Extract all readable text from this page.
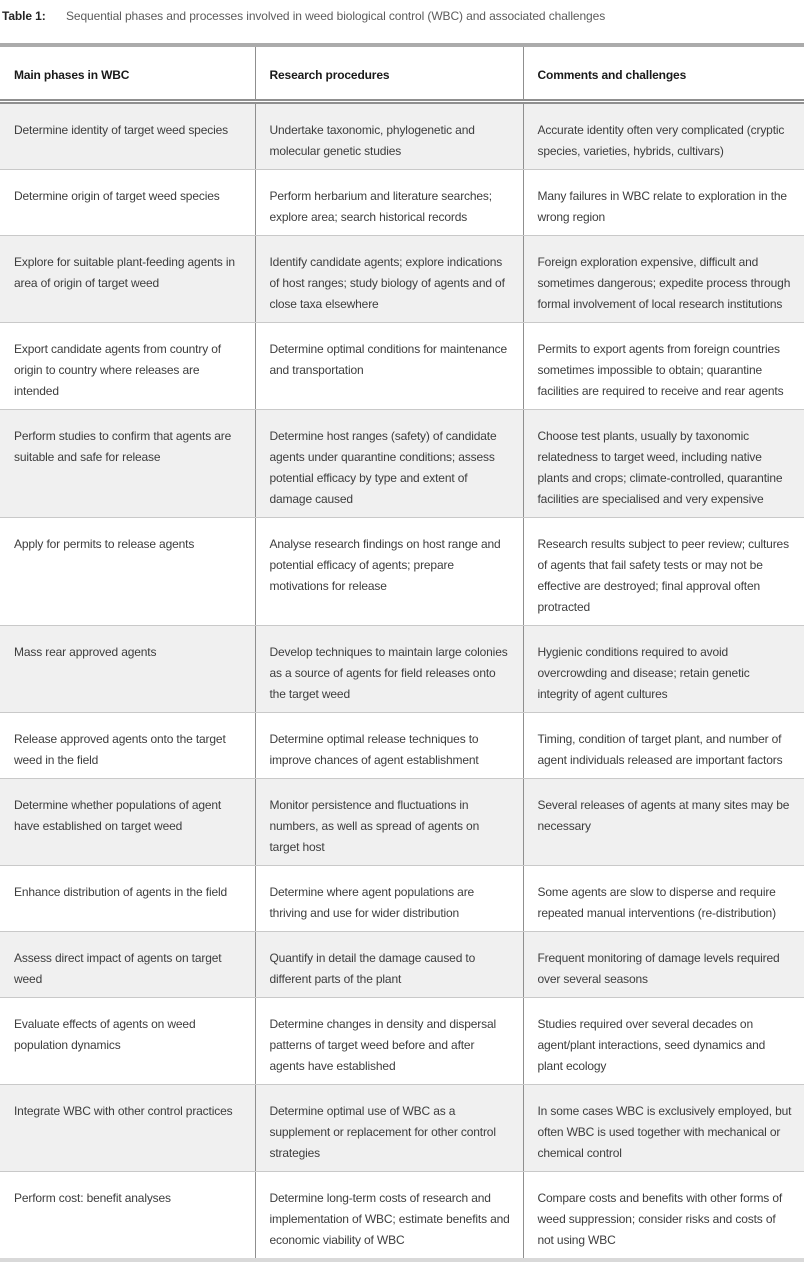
Table 1:	Sequential phases and processes involved in weed biological control (WBC) and associated challenges
Main phases in WBC	Research procedures	Comments and challenges
Determine identity of target weed species	Undertake taxonomic, phylogenetic and molecular genetic studies	Accurate identity often very complicated (cryptic species, varieties, hybrids, cultivars)
Determine origin of target weed species	Perform herbarium and literature searches; explore area; search historical records	Many failures in WBC relate to exploration in the wrong region
Explore for suitable plant-feeding agents in area of origin of target weed	Identify candidate agents; explore indications of host ranges; study biology of agents and of close taxa elsewhere	Foreign exploration expensive, difficult and sometimes dangerous; expedite process through formal involvement of local research institutions
Export candidate agents from country of origin to country where releases are intended	Determine optimal conditions for maintenance and transportation	Permits to export agents from foreign countries sometimes impossible to obtain; quarantine facilities are required to receive and rear agents
Perform studies to confirm that agents are suitable and safe for release	Determine host ranges (safety) of candidate agents under quarantine conditions; assess potential efficacy by type and extent of damage caused	Choose test plants, usually by taxonomic relatedness to target weed, including native plants and crops; climate-controlled, quarantine facilities are specialised and very expensive
Apply for permits to release agents	Analyse research findings on host range and potential efficacy of agents; prepare motivations for release	Research results subject to peer review; cultures of agents that fail safety tests or may not be effective are destroyed; final approval often protracted
Mass rear approved agents	Develop techniques to maintain large colonies as a source of agents for field releases onto the target weed	Hygienic conditions required to avoid overcrowding and disease; retain genetic integrity of agent cultures
Release approved agents onto the target weed in the field	Determine optimal release techniques to improve chances of agent establishment	Timing, condition of target plant, and number of agent individuals released are important factors
Determine whether populations of agent have established on target weed	Monitor persistence and fluctuations in numbers, as well as spread of agents on target host	Several releases of agents at many sites may be necessary
Enhance distribution of agents in the field	Determine where agent populations are thriving and use for wider distribution	Some agents are slow to disperse and require repeated manual interventions (re-distribution)
Assess direct impact of agents on target weed	Quantify in detail the damage caused to different parts of the plant	Frequent monitoring of damage levels required over several seasons
Evaluate effects of agents on weed population dynamics	Determine changes in density and dispersal patterns of target weed before and after agents have established	Studies required over several decades on agent/plant interactions, seed dynamics and plant ecology
Integrate WBC with other control practices	Determine optimal use of WBC as a supplement or replacement for other control strategies	In some cases WBC is exclusively employed, but often WBC is used together with mechanical or chemical control
Perform cost: benefit analyses	Determine long-term costs of research and implementation of WBC; estimate benefits and economic viability of WBC	Compare costs and benefits with other forms of weed suppression; consider risks and costs of not using WBC
